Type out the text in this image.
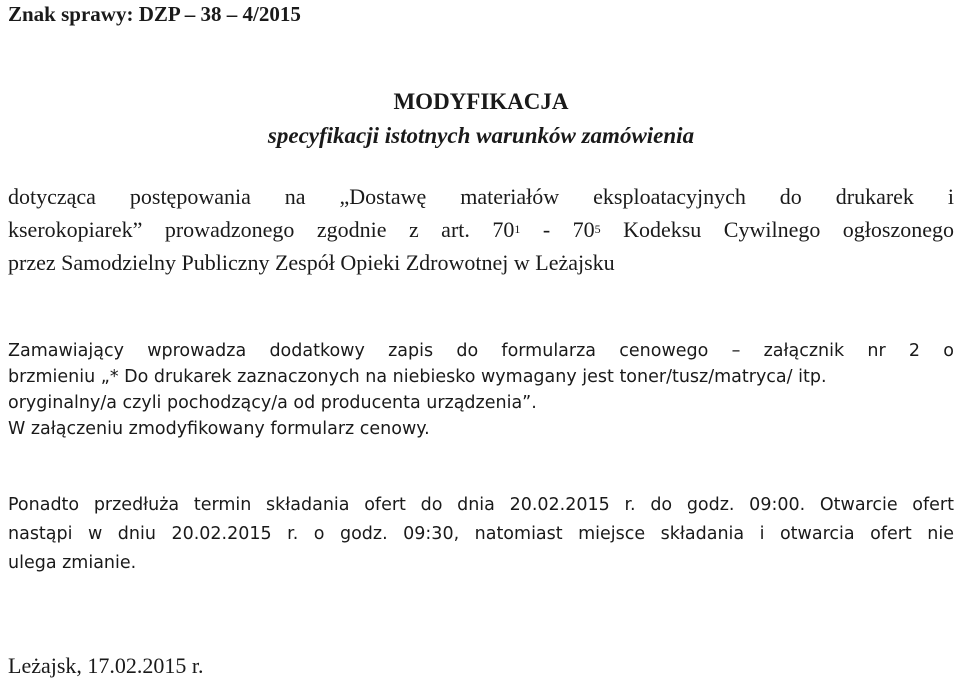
Znak sprawy: DZP – 38 – 4/2015
MODYFIKACJA
specyfikacji istotnych warunków zamówienia
dotycząca postępowania na „Dostawę materiałów eksploatacyjnych do drukarek i
kserokopiarek” prowadzonego zgodnie z art. $70^1 - 70^5$ Kodeksu Cywilnego ogłoszonego
przez Samodzielny Publiczny Zespół Opieki Zdrowotnej w Leżajsku
Zamawiający wprowadza dodatkowy zapis do formularza cenowego – załącznik nr 2 o
brzmieniu „* Do drukarek zaznaczonych na niebiesko wymagany jest toner/tusz/matryca/ itp.
oryginalny/a czyli pochodzący/a od producenta urządzenia”.
W załączeniu zmodyfikowany formularz cenowy.
Ponadto przedłuża termin składania ofert do dnia 20.02.2015 r. do godz. 09:00. Otwarcie ofert
nastąpi w dniu 20.02.2015 r. o godz. 09:30, natomiast miejsce składania i otwarcia ofert nie
ulega zmianie.
Leżajsk, 17.02.2015 r.
